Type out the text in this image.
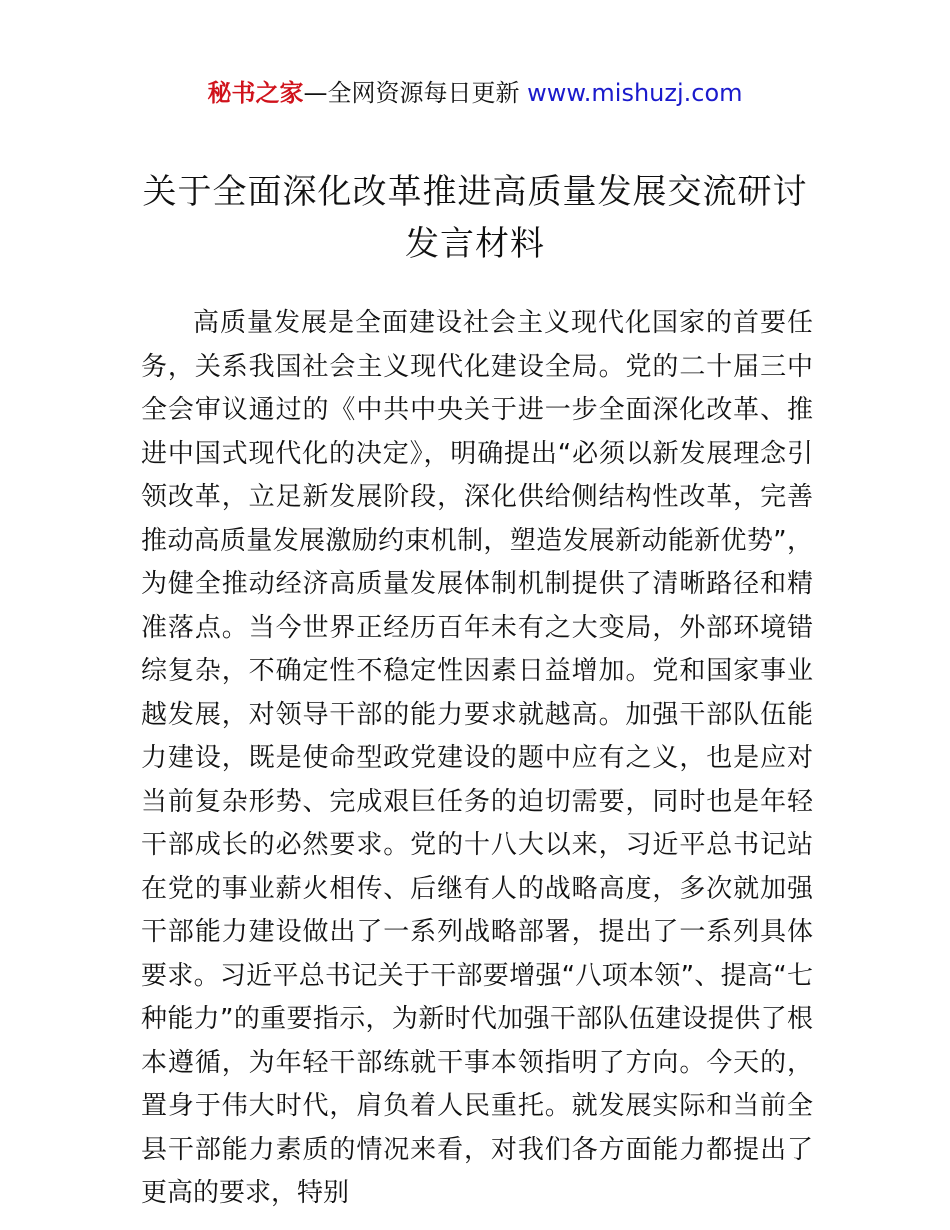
秘书之家—全网资源每日更新 www.mishuzj.com
关于全面深化改革推进高质量发展交流研讨
发言材料

高质量发展是全面建设社会主义现代化国家的首要任务，关系我国社会主义现代化建设全局。党的二十届三中全会审议通过的《中共中央关于进一步全面深化改革、推进中国式现代化的决定》，明确提出“必须以新发展理念引领改革，立足新发展阶段，深化供给侧结构性改革，完善推动高质量发展激励约束机制，塑造发展新动能新优势”，为健全推动经济高质量发展体制机制提供了清晰路径和精准落点。当今世界正经历百年未有之大变局，外部环境错综复杂，不确定性不稳定性因素日益增加。党和国家事业越发展，对领导干部的能力要求就越高。加强干部队伍能力建设，既是使命型政党建设的题中应有之义，也是应对当前复杂形势、完成艰巨任务的迫切需要，同时也是年轻干部成长的必然要求。党的十八大以来，习近平总书记站在党的事业薪火相传、后继有人的战略高度，多次就加强干部能力建设做出了一系列战略部署，提出了一系列具体要求。习近平总书记关于干部要增强“八项本领”、提高“七种能力”的重要指示，为新时代加强干部队伍建设提供了根本遵循，为年轻干部练就干事本领指明了方向。今天的，置身于伟大时代，肩负着人民重托。就发展实际和当前全县干部能力素质的情况来看，对我们各方面能力都提出了更高的要求，特别
